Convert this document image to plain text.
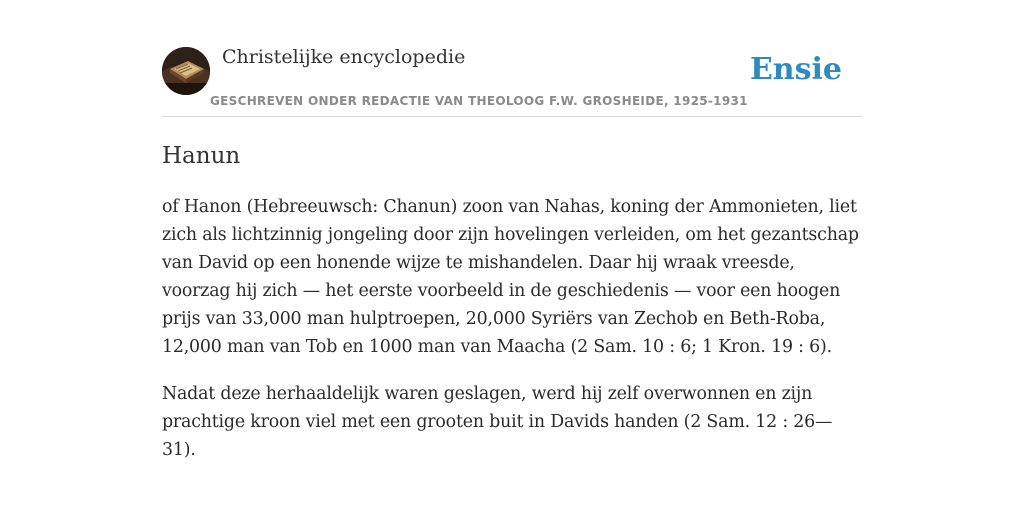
Christelijke encyclopedie
GESCHREVEN ONDER REDACTIE VAN THEOLOOG F.W. GROSHEIDE, 1925-1931
Ensie
Hanun

of Hanon (Hebreeuwsch: Chanun) zoon van Nahas, koning der Ammonieten, liet zich als lichtzinnig jongeling door zijn hovelingen verleiden, om het gezantschap van David op een honende wijze te mishandelen. Daar hij wraak vreesde, voorzag hij zich — het eerste voorbeeld in de geschiedenis — voor een hoogen prijs van 33,000 man hulptroepen, 20,000 Syriërs van Zechob en Beth-Roba, 12,000 man van Tob en 1000 man van Maacha (2 Sam. 10 : 6; 1 Kron. 19 : 6).

Nadat deze herhaaldelijk waren geslagen, werd hij zelf overwonnen en zijn prachtige kroon viel met een grooten buit in Davids handen (2 Sam. 12 : 26—31).
